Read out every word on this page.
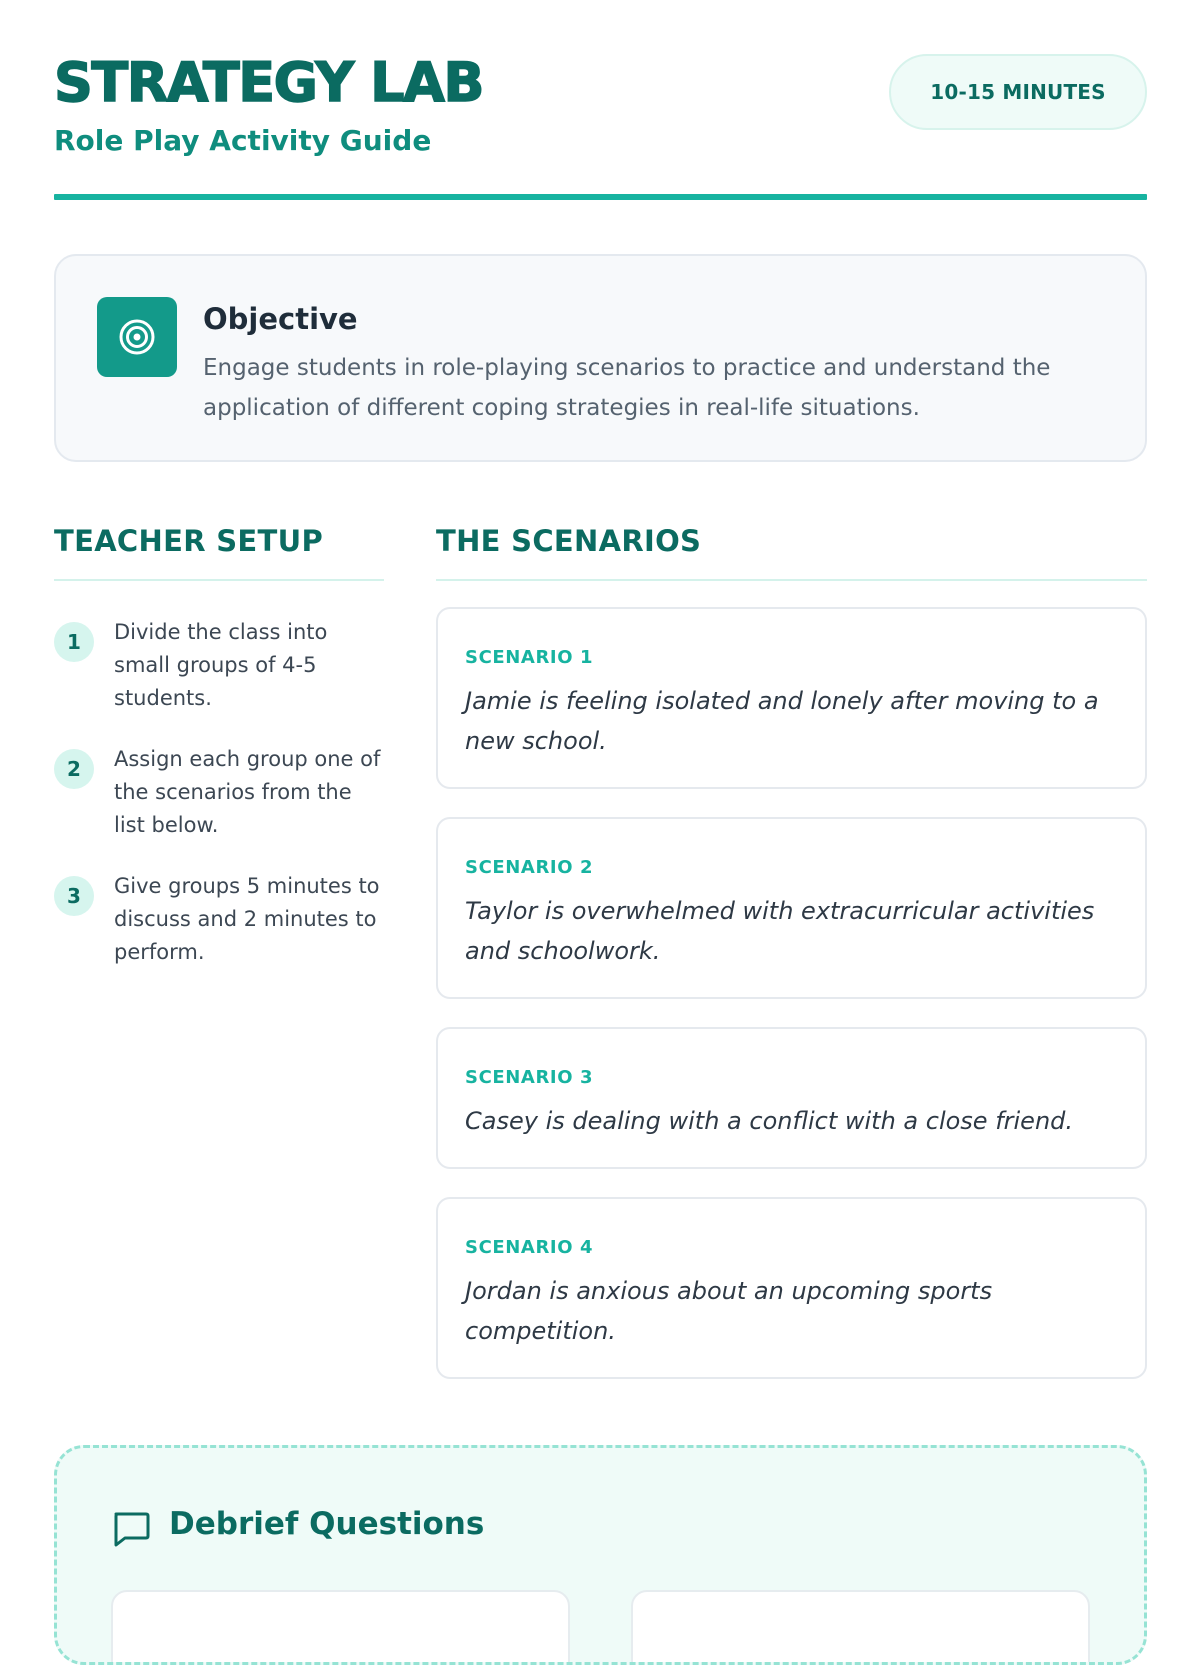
STRATEGY LAB

Role Play Activity Guide

10-15 MINUTES
Objective

Engage students in role-playing scenarios to practice and understand the application of different coping strategies in real-life situations.

TEACHER SETUP
1	Divide the class into small groups of 4-5 students.

2	Assign each group one of the scenarios from the list below.

3	Give groups 5 minutes to discuss and 2 minutes to perform.

THE SCENARIOS

SCENARIO 1

Jamie is feeling isolated and lonely after moving to a new school.

SCENARIO 2

Taylor is overwhelmed with extracurricular activities and schoolwork.

SCENARIO 3

Casey is dealing with a conflict with a close friend.

SCENARIO 4

Jordan is anxious about an upcoming sports competition.

Debrief Questions
